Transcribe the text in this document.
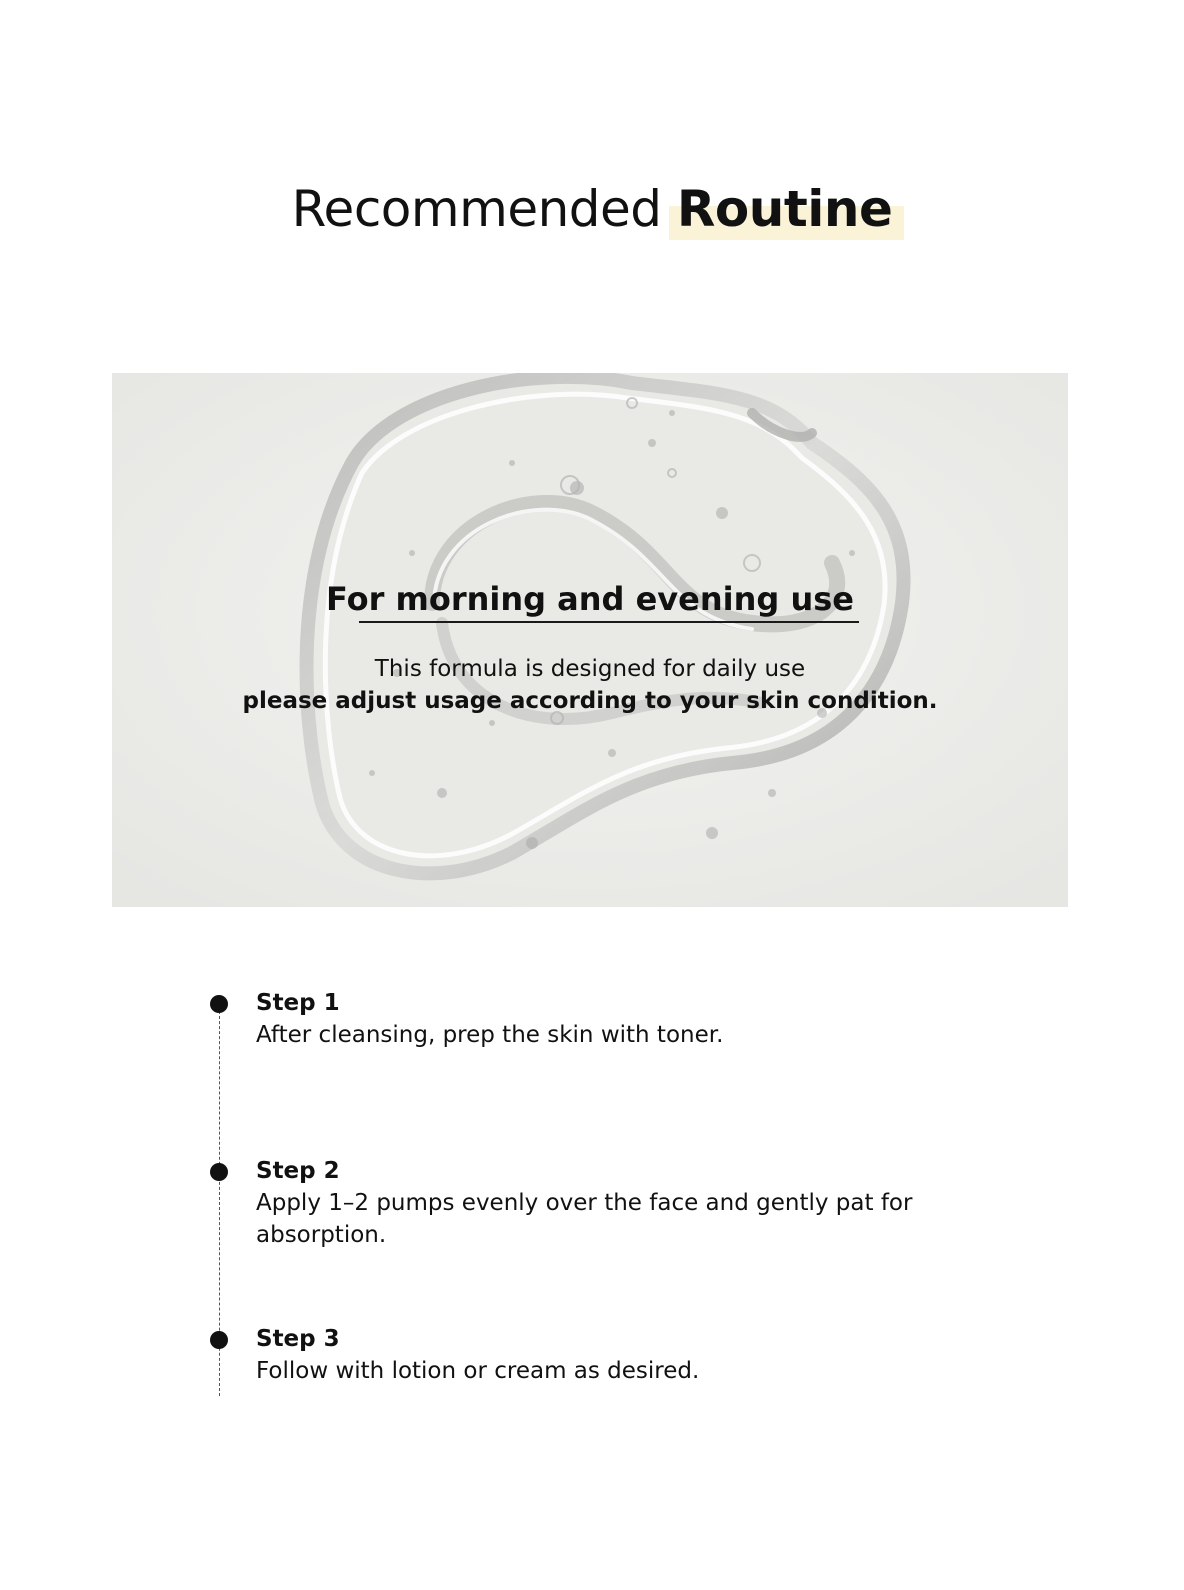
Recommended Routine
For morning and evening use
This formula is designed for daily use
please adjust usage according to your skin condition.
Step 1
After cleansing, prep the skin with toner.
Step 2
Apply 1–2 pumps evenly over the face and gently pat for absorption.
Step 3
Follow with lotion or cream as desired.
